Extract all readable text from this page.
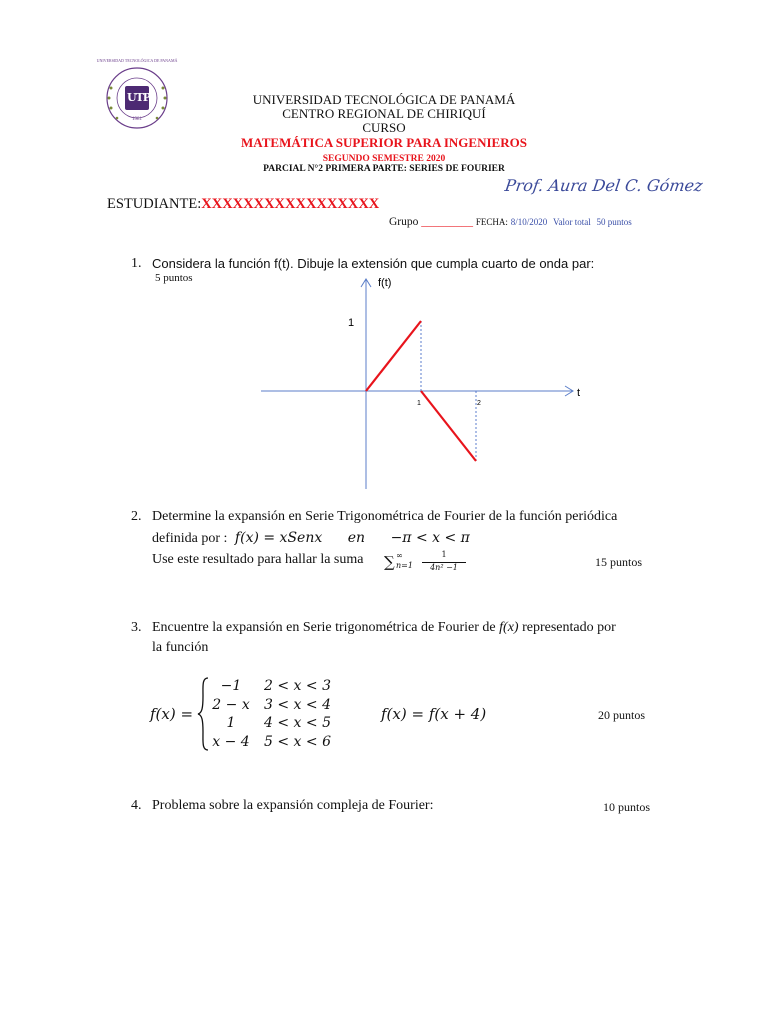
UTP
1981
UNIVERSIDAD TECNOLÓGICA DE PANAMÁ
UNIVERSIDAD TECNOLÓGICA DE PANAMÁ
CENTRO REGIONAL DE CHIRIQUÍ
CURSO
MATEMÁTICA SUPERIOR PARA INGENIEROS
SEGUNDO SEMESTRE 2020
PARCIAL N°2 PRIMERA PARTE: SERIES DE FOURIER
Prof. Aura Del C. Gómez
ESTUDIANTE:XXXXXXXXXXXXXXXXX
Grupo _________ FECHA: 8/10/2020 Valor total 50 puntos
1. Considera la función f(t). Dibuje la extensión que cumpla cuarto de onda par:
5 puntos	f(t)
t
1
1	2
2. Determine la expansión en Serie Trigonométrica de Fourier de la función periódica
definida por : f(x) = xSenx en −π < x < π
Use este resultado para hallar la suma ∑ ∞
n=1
1
4n² −1	15 puntos
3. Encuentre la expansión en Serie trigonométrica de Fourier de f(x) representado por
la función
f(x) =
−1	2 < x < 3
2 − x	3 < x < 4
1	4 < x < 5
x − 4	5 < x < 6
f(x) = f(x + 4)	20 puntos
4. Problema sobre la expansión compleja de Fourier:	10 puntos
